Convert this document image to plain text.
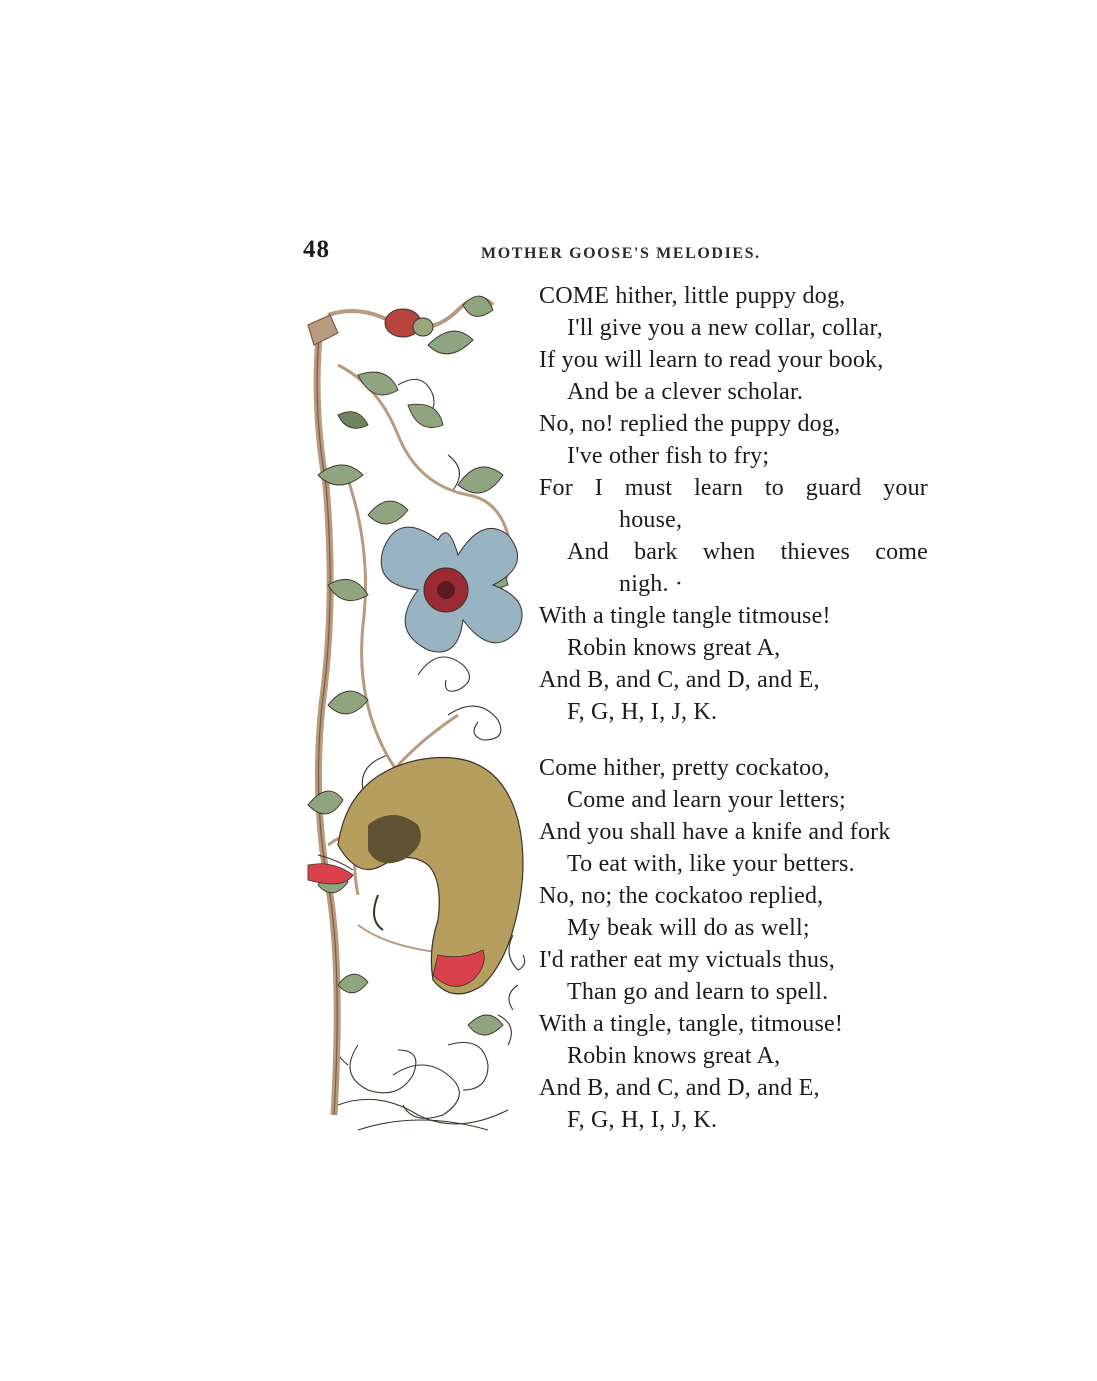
48	MOTHER GOOSE'S MELODIES.
COME hither, little puppy dog,
I'll give you a new collar, collar,
If you will learn to read your book,
And be a clever scholar.
No, no! replied the puppy dog,
I've other fish to fry;
For I must learn to guard your
house,
And bark when thieves come
nigh. ·
With a tingle tangle titmouse!
Robin knows great A,
And B, and C, and D, and E,
F, G, H, I, J, K.
Come hither, pretty cockatoo,
Come and learn your letters;
And you shall have a knife and fork
To eat with, like your betters.
No, no; the cockatoo replied,
My beak will do as well;
I'd rather eat my victuals thus,
Than go and learn to spell.
With a tingle, tangle, titmouse!
Robin knows great A,
And B, and C, and D, and E,
F, G, H, I, J, K.
